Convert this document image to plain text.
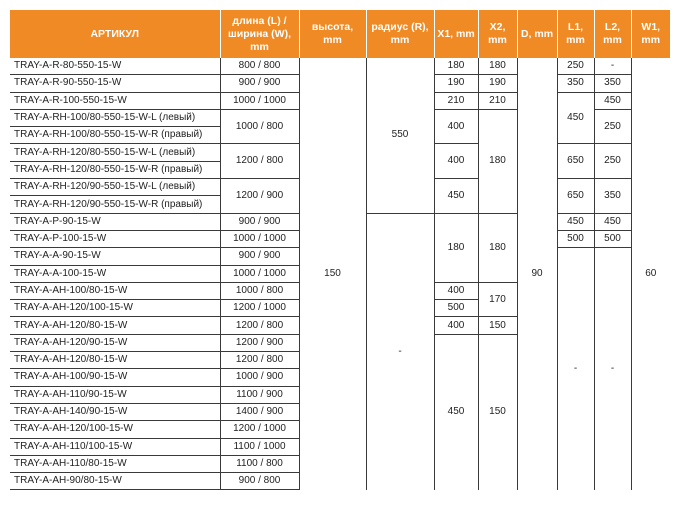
АРТИКУЛ	длина (L) / ширина (W), mm	высота, mm	радиус (R), mm	X1, mm	X2, mm	D, mm	L1, mm	L2, mm	W1, mm
TRAY-A-R-80-550-15-W	800 / 800	150	550	180	180	90	250	-	60
TRAY-A-R-90-550-15-W	900 / 900			190	190		350	350	
TRAY-A-R-100-550-15-W	1000 / 1000			210	210		450	450	
TRAY-A-RH-100/80-550-15-W-L (левый)	1000 / 800			400	180			250	
TRAY-A-RH-100/80-550-15-W-R (правый)									
TRAY-A-RH-120/80-550-15-W-L (левый)	1200 / 800			400			650	250	
TRAY-A-RH-120/80-550-15-W-R (правый)									
TRAY-A-RH-120/90-550-15-W-L (левый)	1200 / 900			450			650	350	
TRAY-A-RH-120/90-550-15-W-R (правый)									
TRAY-A-P-90-15-W	900 / 900		-	180	180		450	450	
TRAY-A-P-100-15-W	1000 / 1000						500	500	
TRAY-A-A-90-15-W	900 / 900						-	-	
TRAY-A-A-100-15-W	1000 / 1000								
TRAY-A-AH-100/80-15-W	1000 / 800			400	170				
TRAY-A-AH-120/100-15-W	1200 / 1000			500					
TRAY-A-AH-120/80-15-W	1200 / 800			400	150				
TRAY-A-AH-120/90-15-W	1200 / 900			450	150				
TRAY-A-AH-120/80-15-W	1200 / 800								
TRAY-A-AH-100/90-15-W	1000 / 900								
TRAY-A-AH-110/90-15-W	1100 / 900								
TRAY-A-AH-140/90-15-W	1400 / 900								
TRAY-A-AH-120/100-15-W	1200 / 1000								
TRAY-A-AH-110/100-15-W	1100 / 1000								
TRAY-A-AH-110/80-15-W	1100 / 800								
TRAY-A-AH-90/80-15-W	900 / 800								
